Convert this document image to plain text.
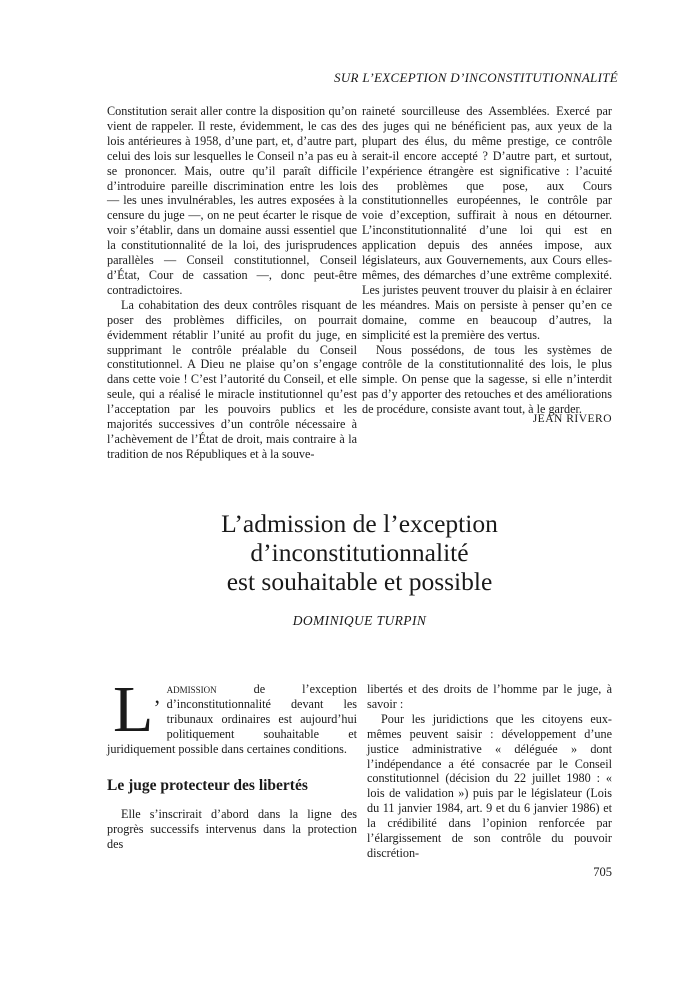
SUR L’EXCEPTION D’INCONSTITUTIONNALITÉ

Constitution serait aller contre la disposition qu’on vient de rappeler. Il reste, évidemment, le cas des lois antérieures à 1958, d’une part, et, d’autre part, celui des lois sur lesquelles le Conseil n’a pas eu à se prononcer. Mais, outre qu’il paraît difficile d’introduire pareille discrimination entre les lois — les unes invulnérables, les autres exposées à la censure du juge —, on ne peut écarter le risque de voir s’établir, dans un domaine aussi essentiel que la constitutionnalité de la loi, des jurisprudences parallèles — Conseil constitutionnel, Conseil d’État, Cour de cassation —, donc peut-être contradictoires.

La cohabitation des deux contrôles risquant de poser des problèmes difficiles, on pourrait évidemment rétablir l’unité au profit du juge, en supprimant le contrôle préalable du Conseil constitutionnel. A Dieu ne plaise qu’on s’engage dans cette voie ! C’est l’autorité du Conseil, et elle seule, qui a réalisé le miracle institutionnel qu’est l’acceptation par les pouvoirs publics et les majorités successives d’un contrôle nécessaire à l’achèvement de l’État de droit, mais contraire à la tradition de nos Républiques et à la souve-

raineté sourcilleuse des Assemblées. Exercé par des juges qui ne bénéficient pas, aux yeux de la plupart des élus, du même prestige, ce contrôle serait-il encore accepté ? D’autre part, et surtout, l’expérience étrangère est significative : l’acuité des problèmes que pose, aux Cours constitutionnelles européennes, le contrôle par voie d’exception, suffirait à nous en détourner. L’inconstitutionnalité d’une loi qui est en application depuis des années impose, aux législateurs, aux Gouvernements, aux Cours elles-mêmes, des démarches d’une extrême complexité. Les juristes peuvent trouver du plaisir à en éclairer les méandres. Mais on persiste à penser qu’en ce domaine, comme en beaucoup d’autres, la simplicité est la première des vertus.

Nous possédons, de tous les systèmes de contrôle de la constitutionnalité des lois, le plus simple. On pense que la sagesse, si elle n’interdit pas d’y apporter des retouches et des améliorations de procédure, consiste avant tout, à le garder.

JEAN RIVERO
L’admission de l’exception
d’inconstitutionnalité
est souhaitable et possible
DOMINIQUE TURPIN

L’
admission de l’exception d’inconstitutionnalité devant les tribunaux ordinaires est aujourd’hui politiquement souhaitable et juridiquement possible dans certaines conditions.

Le juge protecteur des libertés

Elle s’inscrirait d’abord dans la ligne des progrès successifs intervenus dans la protection des

libertés et des droits de l’homme par le juge, à savoir :

Pour les juridictions que les citoyens eux-mêmes peuvent saisir : développement d’une justice administrative « déléguée » dont l’indépendance a été consacrée par le Conseil constitutionnel (décision du 22 juillet 1980 : « lois de validation ») puis par le législateur (Lois du 11 janvier 1984, art. 9 et du 6 janvier 1986) et la crédibilité dans l’opinion renforcée par l’élargissement de son contrôle du pouvoir discrétion-

705
